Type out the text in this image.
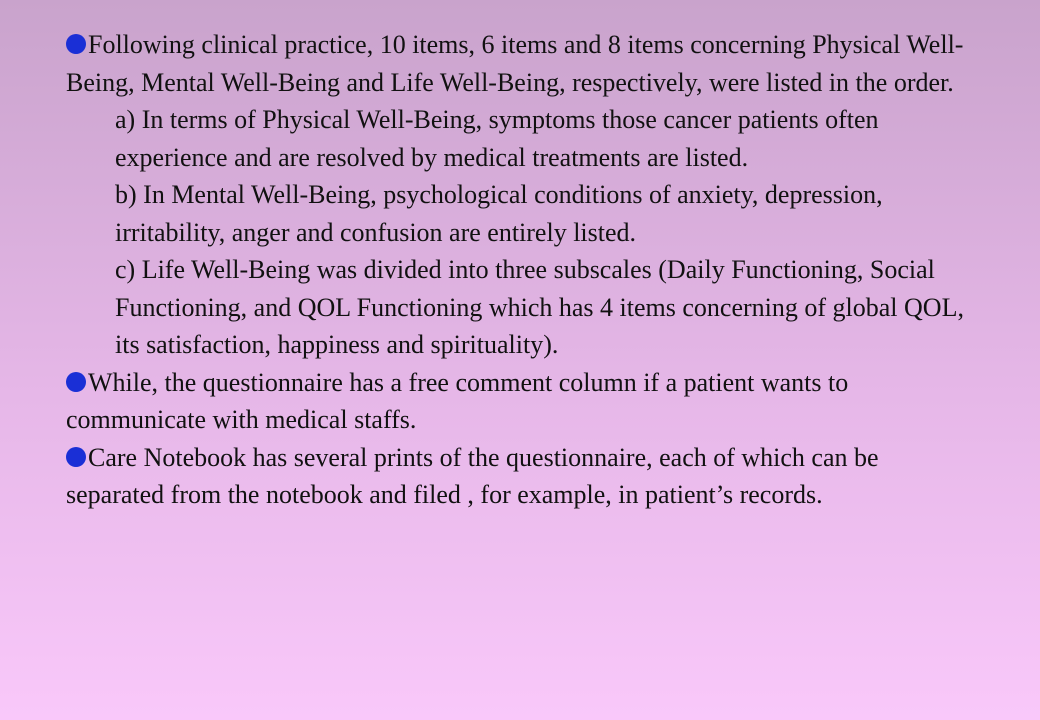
Following clinical practice, 10 items, 6 items and 8 items concerning Physical Well-Being, Mental Well-Being and Life Well-Being, respectively, were listed in the order.

a) In terms of Physical Well-Being, symptoms those cancer patients often experience and are resolved by medical treatments are listed.

b) In Mental Well-Being, psychological conditions of anxiety, depression, irritability, anger and confusion are entirely listed.

c) Life Well-Being was divided into three subscales (Daily Functioning, Social Functioning, and QOL Functioning which has 4 items concerning of global QOL, its satisfaction, happiness and spirituality).

While, the questionnaire has a free comment column if a patient wants to communicate with medical staffs.

Care Notebook has several prints of the questionnaire, each of which can be separated from the notebook and filed , for example, in patient’s records.
